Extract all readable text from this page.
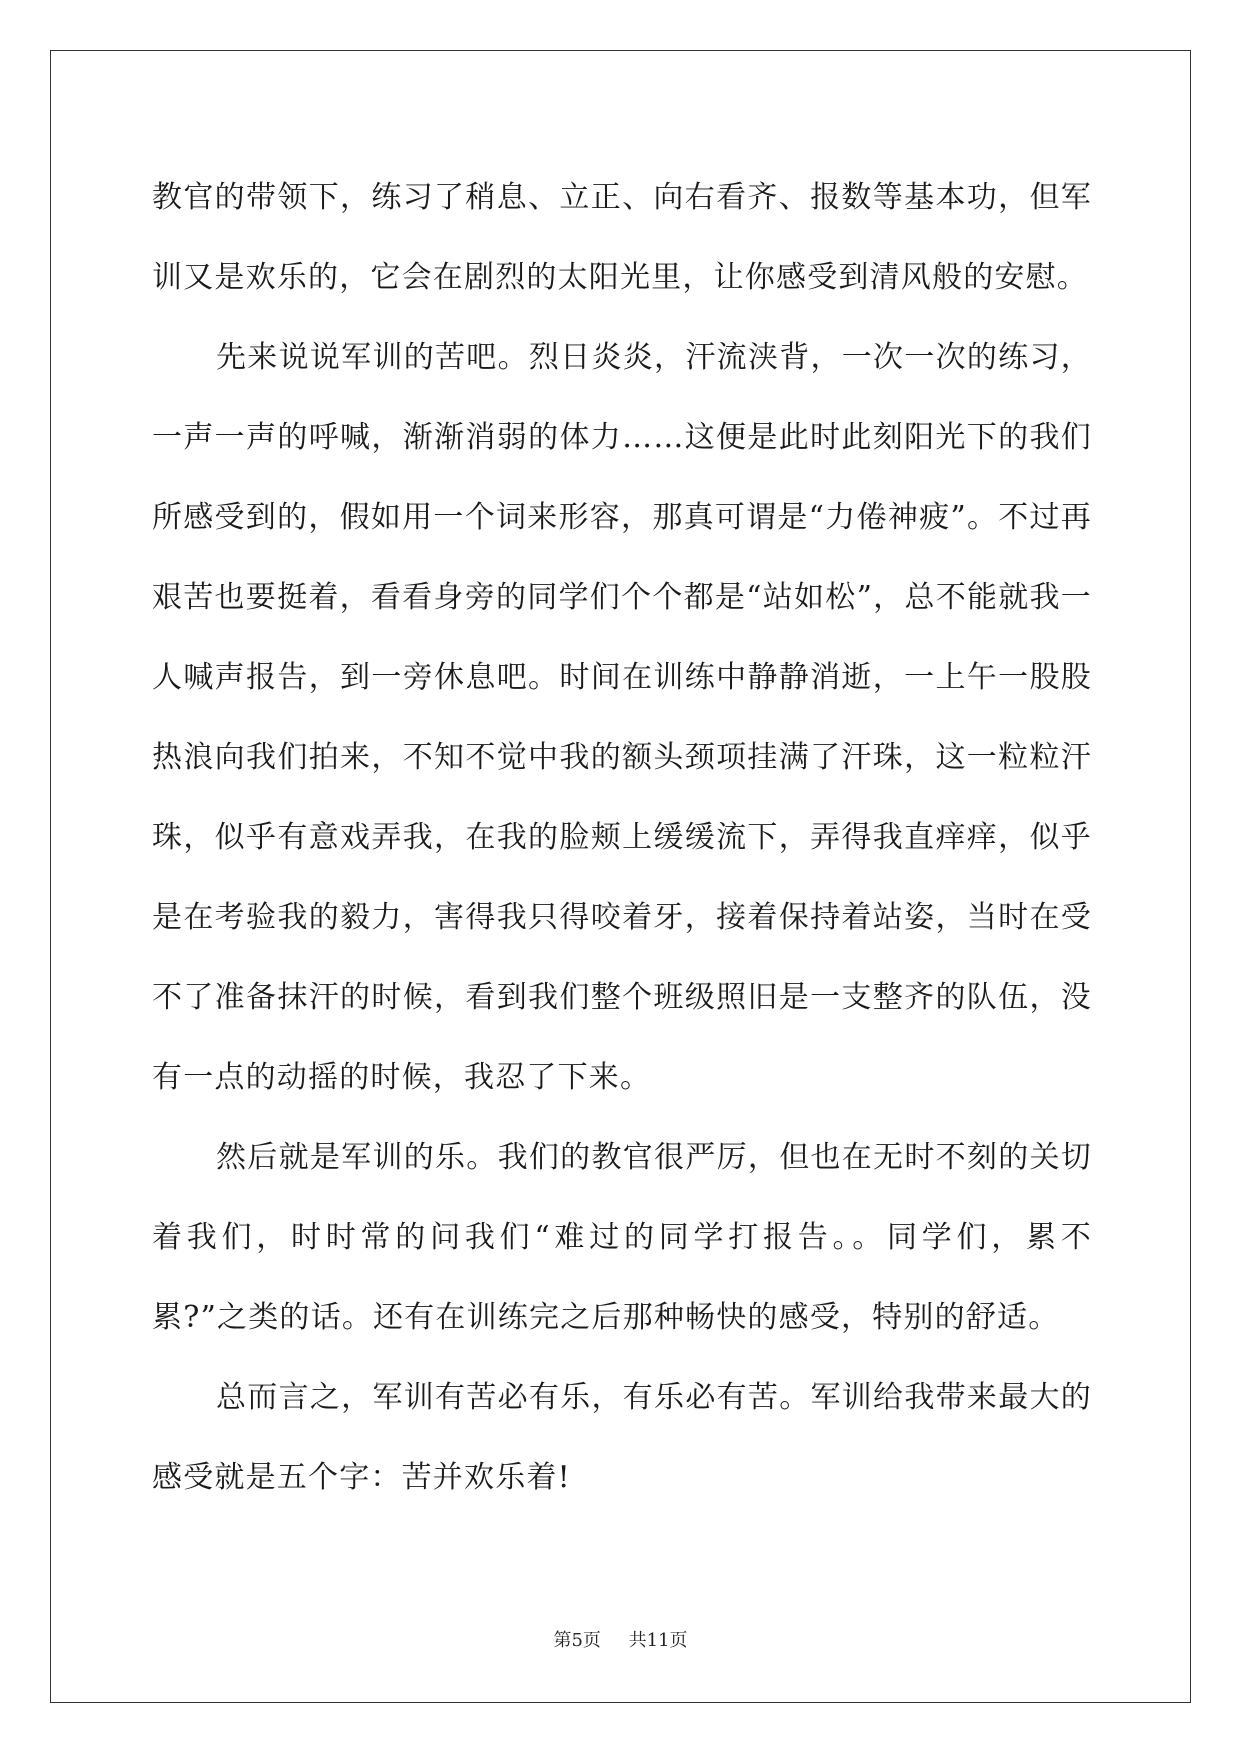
教官的带领下，练习了稍息、立正、向右看齐、报数等基本功，但军训又是欢乐的，它会在剧烈的太阳光里，让你感受到清风般的安慰。

先来说说军训的苦吧。烈日炎炎，汗流浃背，一次一次的练习，一声一声的呼喊，渐渐消弱的体力……这便是此时此刻阳光下的我们所感受到的，假如用一个词来形容，那真可谓是“力倦神疲”。不过再艰苦也要挺着，看看身旁的同学们个个都是“站如松”，总不能就我一人喊声报告，到一旁休息吧。时间在训练中静静消逝，一上午一股股热浪向我们拍来，不知不觉中我的额头颈项挂满了汗珠，这一粒粒汗珠，似乎有意戏弄我，在我的脸颊上缓缓流下，弄得我直痒痒，似乎是在考验我的毅力，害得我只得咬着牙，接着保持着站姿，当时在受不了准备抹汗的时候，看到我们整个班级照旧是一支整齐的队伍，没有一点的动摇的时候，我忍了下来。

然后就是军训的乐。我们的教官很严厉，但也在无时不刻的关切着我们，时时常的问我们“难过的同学打报告。。同学们，累不累?”之类的话。还有在训练完之后那种畅快的感受，特别的舒适。

总而言之，军训有苦必有乐，有乐必有苦。军训给我带来最大的感受就是五个字：苦并欢乐着!

第5页 共11页
